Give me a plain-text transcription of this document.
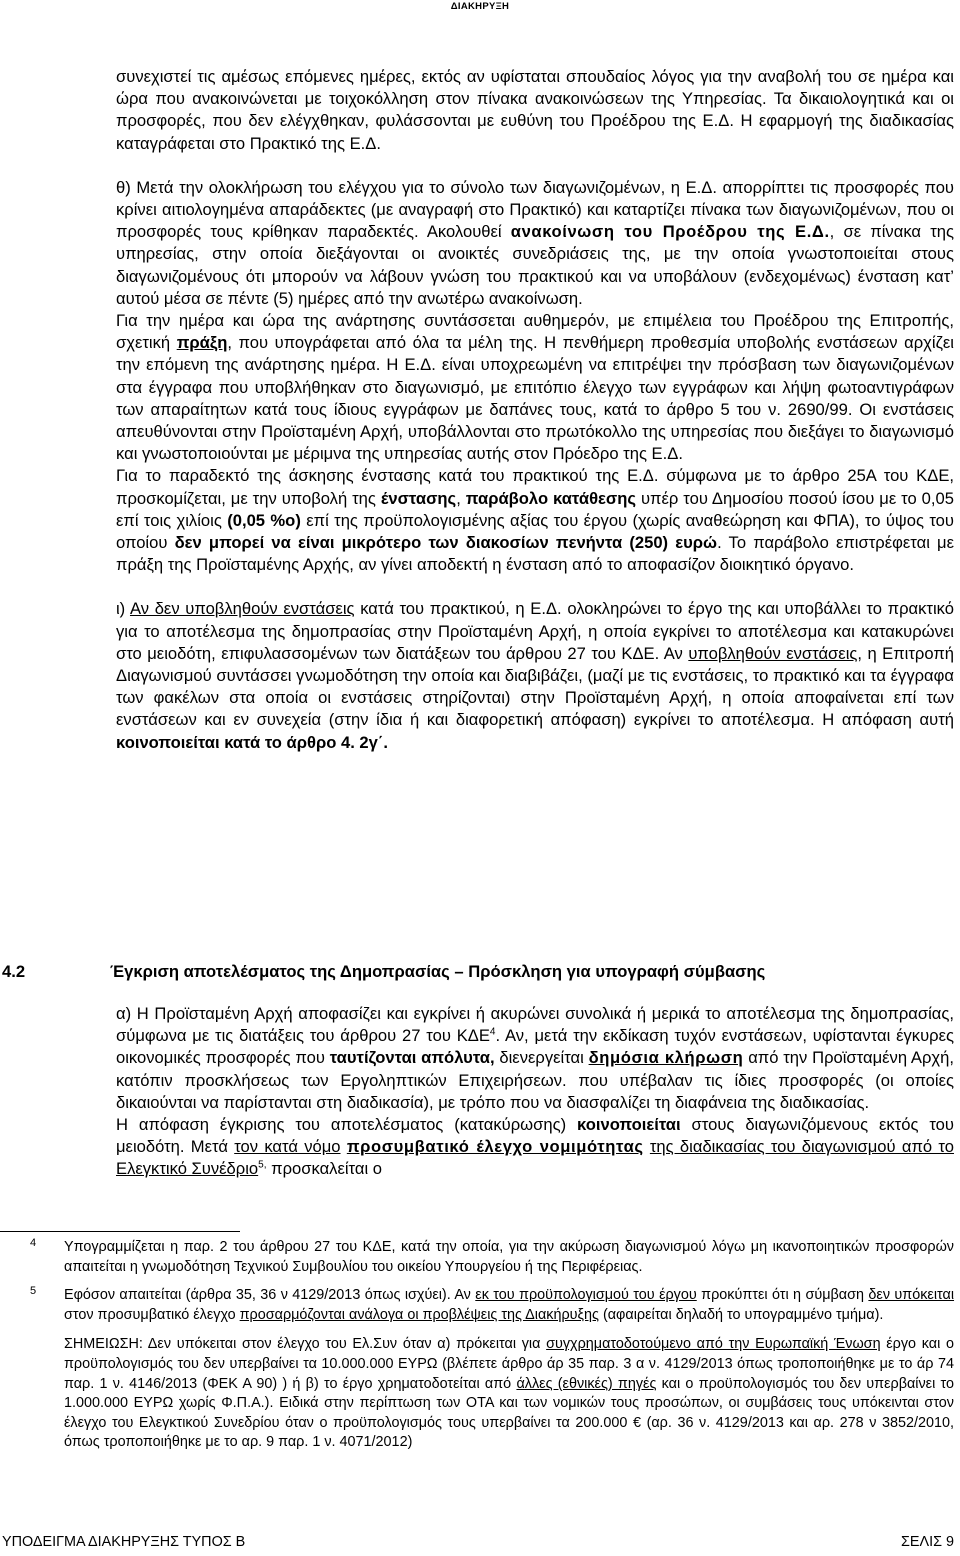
ΔΙΑΚΗΡΥΞΗ

συνεχιστεί τις αμέσως επόμενες ημέρες, εκτός αν υφίσταται σπουδαίος λόγος για την αναβολή του σε ημέρα και ώρα που ανακοινώνεται με τοιχοκόλληση στον πίνακα ανακοινώσεων της Υπηρεσίας. Τα δικαιολογητικά και οι προσφορές, που δεν ελέγχθηκαν, φυλάσσονται με ευθύνη του Προέδρου της Ε.Δ. Η εφαρμογή της διαδικασίας καταγράφεται στο Πρακτικό της Ε.Δ.

θ) Μετά την ολοκλήρωση του ελέγχου για το σύνολο των διαγωνιζομένων, η Ε.Δ. απορρίπτει τις προσφορές που κρίνει αιτιολογημένα απαράδεκτες (με αναγραφή στο Πρακτικό) και καταρτίζει πίνακα των διαγωνιζομένων, που οι προσφορές τους κρίθηκαν παραδεκτές. Ακολουθεί ανακοίνωση του Προέδρου της Ε.Δ., σε πίνακα της υπηρεσίας, στην οποία διεξάγονται οι ανοικτές συνεδριάσεις της, με την οποία γνωστοποιείται στους διαγωνιζομένους ότι μπορούν να λάβουν γνώση του πρακτικού και να υποβάλουν (ενδεχομένως) ένσταση κατ’ αυτού μέσα σε πέντε (5) ημέρες από την ανωτέρω ανακοίνωση.

Για την ημέρα και ώρα της ανάρτησης συντάσσεται αυθημερόν, με επιμέλεια του Προέδρου της Επιτροπής, σχετική πράξη, που υπογράφεται από όλα τα μέλη της. Η πενθήμερη προθεσμία υποβολής ενστάσεων αρχίζει την επόμενη της ανάρτησης ημέρα. Η Ε.Δ. είναι υποχρεωμένη να επιτρέψει την πρόσβαση των διαγωνιζομένων στα έγγραφα που υποβλήθηκαν στο διαγωνισμό, με επιτόπιο έλεγχο των εγγράφων και λήψη φωτοαντιγράφων των απαραίτητων κατά τους ίδιους εγγράφων με δαπάνες τους, κατά το άρθρο 5 του ν. 2690/99. Οι ενστάσεις απευθύνονται στην Προϊσταμένη Αρχή, υποβάλλονται στο πρωτόκολλο της υπηρεσίας που διεξάγει το διαγωνισμό και γνωστοποιούνται με μέριμνα της υπηρεσίας αυτής στον Πρόεδρο της Ε.Δ.

Για το παραδεκτό της άσκησης ένστασης κατά του πρακτικού της Ε.Δ. σύμφωνα με το άρθρο 25Α του ΚΔΕ, προσκομίζεται, με την υποβολή της ένστασης, παράβολο κατάθεσης υπέρ του Δημοσίου ποσού ίσου με το 0,05 επί τοις χιλίοις (0,05 %ο) επί της προϋπολογισμένης αξίας του έργου (χωρίς αναθεώρηση και ΦΠΑ), το ύψος του οποίου δεν μπορεί να είναι μικρότερο των διακοσίων πενήντα (250) ευρώ. Το παράβολο επιστρέφεται με πράξη της Προϊσταμένης Αρχής, αν γίνει αποδεκτή η ένσταση από το αποφασίζον διοικητικό όργανο.

ι) Αν δεν υποβληθούν ενστάσεις κατά του πρακτικού, η Ε.Δ. ολοκληρώνει το έργο της και υποβάλλει το πρακτικό για το αποτέλεσμα της δημοπρασίας στην Προϊσταμένη Αρχή, η οποία εγκρίνει το αποτέλεσμα και κατακυρώνει στο μειοδότη, επιφυλασσομένων των διατάξεων του άρθρου 27 του ΚΔΕ. Αν υποβληθούν ενστάσεις, η Επιτροπή Διαγωνισμού συντάσσει γνωμοδότηση την οποία και διαβιβάζει, (μαζί με τις ενστάσεις, το πρακτικό και τα έγγραφα των φακέλων στα οποία οι ενστάσεις στηρίζονται) στην Προϊσταμένη Αρχή, η οποία αποφαίνεται επί των ενστάσεων και εν συνεχεία (στην ίδια ή και διαφορετική απόφαση) εγκρίνει το αποτέλεσμα. Η απόφαση αυτή κοινοποιείται κατά το άρθρο 4. 2γ΄.

4.2	Έγκριση αποτελέσματος της Δημοπρασίας – Πρόσκληση για υπογραφή σύμβασης

α) Η Προϊσταμένη Αρχή αποφασίζει και εγκρίνει ή ακυρώνει συνολικά ή μερικά το αποτέλεσμα της δημοπρασίας, σύμφωνα με τις διατάξεις του άρθρου 27 του ΚΔΕ$^4$. Αν, μετά την εκδίκαση τυχόν ενστάσεων, υφίστανται έγκυρες οικονομικές προσφορές που ταυτίζονται απόλυτα, διενεργείται δημόσια κλήρωση από την Προϊσταμένη Αρχή, κατόπιν προσκλήσεως των Εργοληπτικών Επιχειρήσεων. που υπέβαλαν τις ίδιες προσφορές (οι οποίες δικαιούνται να παρίστανται στη διαδικασία), με τρόπο που να διασφαλίζει τη διαφάνεια της διαδικασίας.

Η απόφαση έγκρισης του αποτελέσματος (κατακύρωσης) κοινοποιείται στους διαγωνιζόμενους εκτός του μειοδότη. Μετά τον κατά νόμο προσυμβατικό έλεγχο νομιμότητας της διαδικασίας του διαγωνισμού από το Ελεγκτικό Συνέδριο$^{5,}$ προσκαλείται ο

4 Υπογραμμίζεται η παρ. 2 του άρθρου 27 του ΚΔΕ, κατά την οποία, για την ακύρωση διαγωνισμού λόγω μη ικανοποιητικών προσφορών απαιτείται η γνωμοδότηση Τεχνικού Συμβουλίου του οικείου Υπουργείου ή της Περιφέρειας.
5 Εφόσον απαιτείται (άρθρα 35, 36 ν 4129/2013 όπως ισχύει). Αν εκ του προϋπολογισμού του έργου προκύπτει ότι η σύμβαση δεν υπόκειται στον προσυμβατικό έλεγχο προσαρμόζονται ανάλογα οι προβλέψεις της Διακήρυξης (αφαιρείται δηλαδή το υπογραμμένο τμήμα).
ΣΗΜΕΙΩΣΗ: Δεν υπόκειται στον έλεγχο του Ελ.Συν όταν α) πρόκειται για συγχρηματοδοτούμενο από την Ευρωπαϊκή Ένωση έργο και ο προϋπολογισμός του δεν υπερβαίνει τα 10.000.000 ΕΥΡΩ (βλέπετε άρθρο άρ 35 παρ. 3 α ν. 4129/2013 όπως τροποποιήθηκε με το άρ 74 παρ. 1 ν. 4146/2013 (ΦΕΚ Α 90) ) ή β) το έργο χρηματοδοτείται από άλλες (εθνικές) πηγές και ο προϋπολογισμός του δεν υπερβαίνει το 1.000.000 ΕΥΡΩ χωρίς Φ.Π.Α.). Ειδικά στην περίπτωση των ΟΤΑ και των νομικών τους προσώπων, οι συμβάσεις τους υπόκεινται στον έλεγχο του Ελεγκτικού Συνεδρίου όταν ο προϋπολογισμός τους υπερβαίνει τα 200.000 € (αρ. 36 ν. 4129/2013 και αρ. 278 ν 3852/2010, όπως τροποποιήθηκε με το αρ. 9 παρ. 1 ν. 4071/2012)
ΥΠΟΔΕΙΓΜΑ ΔΙΑΚΗΡΥΞΗΣ ΤΥΠΟΣ Β	ΣΕΛΙΣ 9
